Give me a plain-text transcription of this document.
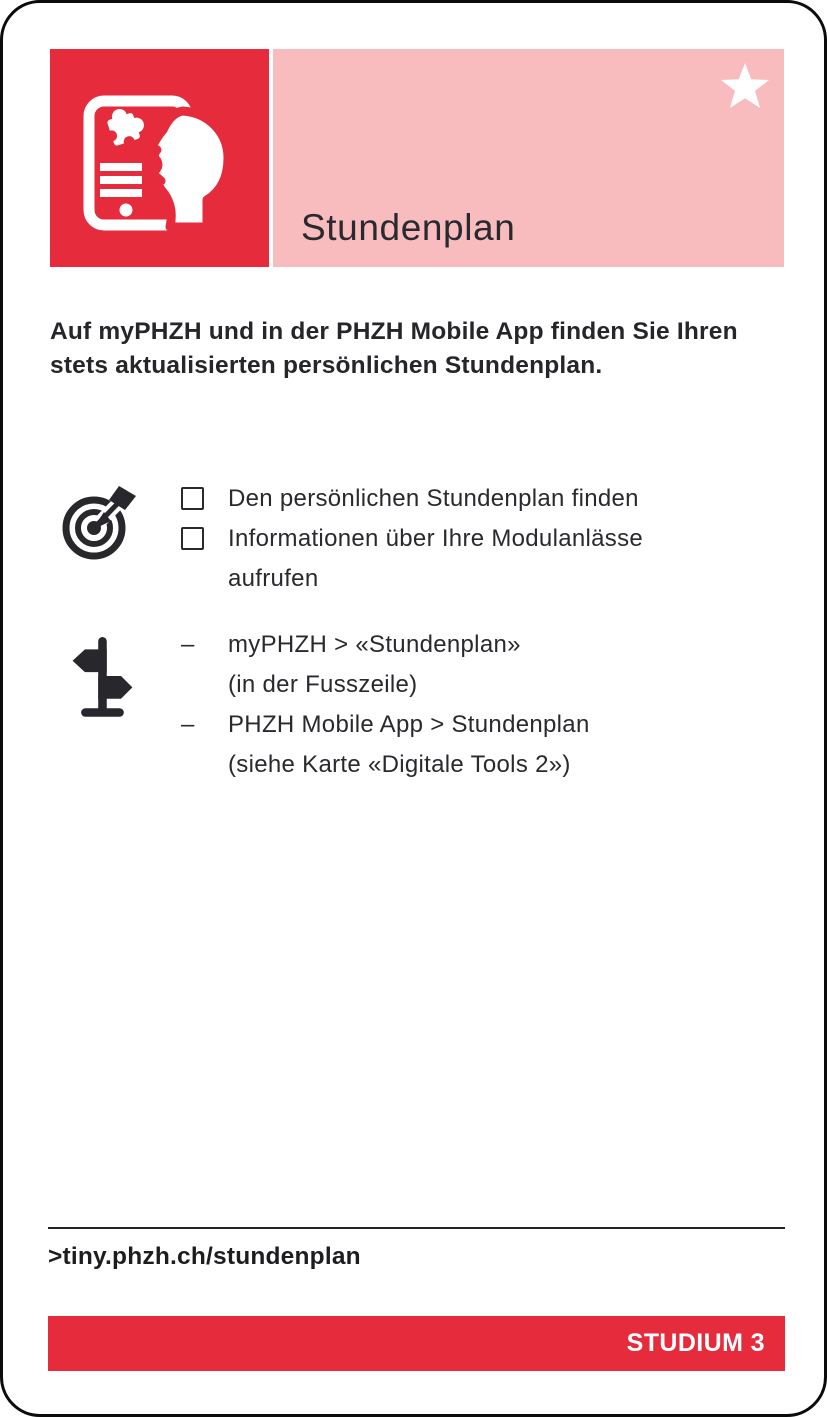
Stundenplan
Auf myPHZH und in der PHZH Mobile App finden Sie Ihren
stets aktualisierten persönlichen Stundenplan.
Den persönlichen Stundenplan finden
Informationen über Ihre Modulanlässe
aufrufen
–	myPHZH > «Stundenplan»
(in der Fusszeile)
–	PHZH Mobile App > Stundenplan
(siehe Karte «Digitale Tools 2»)
>tiny.phzh.ch/stundenplan
STUDIUM 3
